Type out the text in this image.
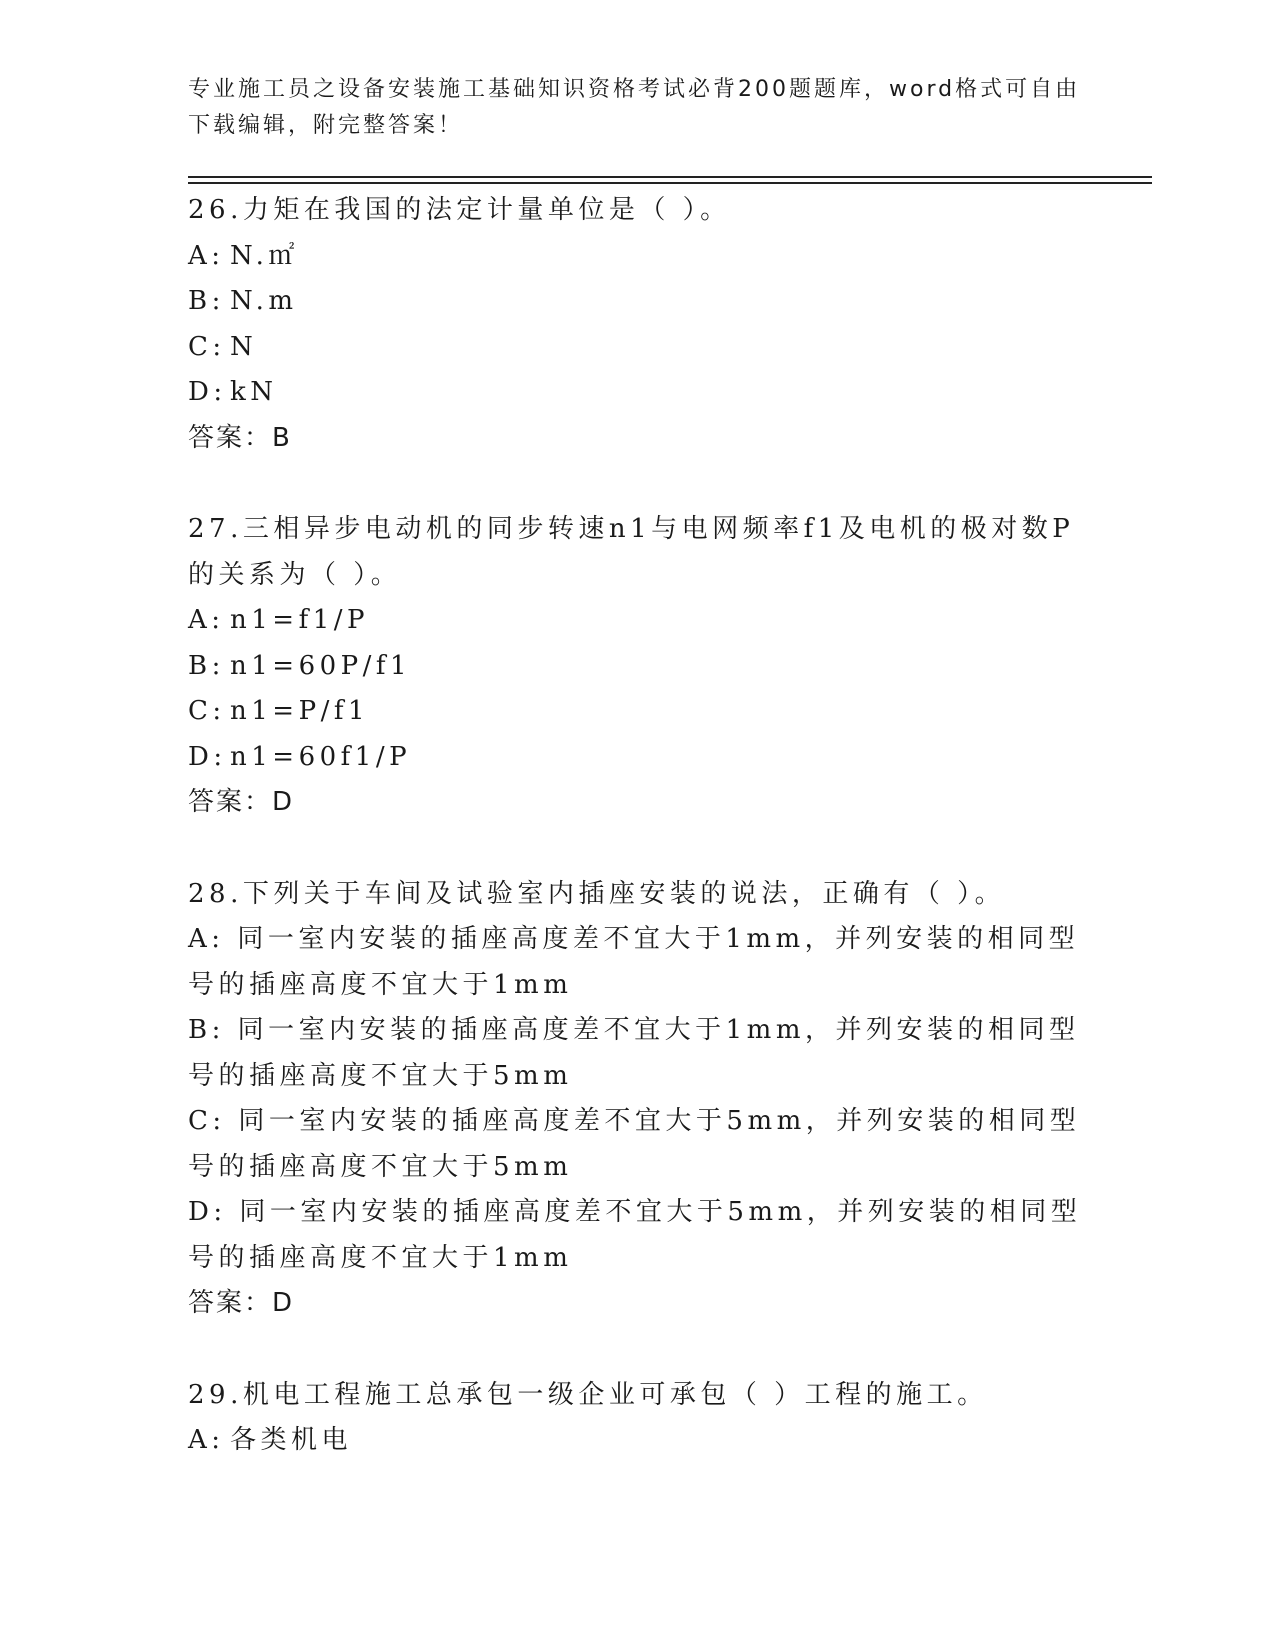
专业施工员之设备安装施工基础知识资格考试必背200题题库，word格式可自由下载编辑，附完整答案！
26.力矩在我国的法定计量单位是（ ）。
A: N.㎡
B: N.m
C: N
D: kN
答案：B
27.三相异步电动机的同步转速n1与电网频率f1及电机的极对数P的关系为（ ）。
A: n1=f1/P
B: n1=60P/f1
C: n1=P/f1
D: n1=60f1/P
答案：D
28.下列关于车间及试验室内插座安装的说法，正确有（ ）。
A: 同一室内安装的插座高度差不宜大于1mm，并列安装的相同型号的插座高度不宜大于1mm
B: 同一室内安装的插座高度差不宜大于1mm，并列安装的相同型号的插座高度不宜大于5mm
C: 同一室内安装的插座高度差不宜大于5mm，并列安装的相同型号的插座高度不宜大于5mm
D: 同一室内安装的插座高度差不宜大于5mm，并列安装的相同型号的插座高度不宜大于1mm
答案：D
29.机电工程施工总承包一级企业可承包（ ）工程的施工。
A: 各类机电
